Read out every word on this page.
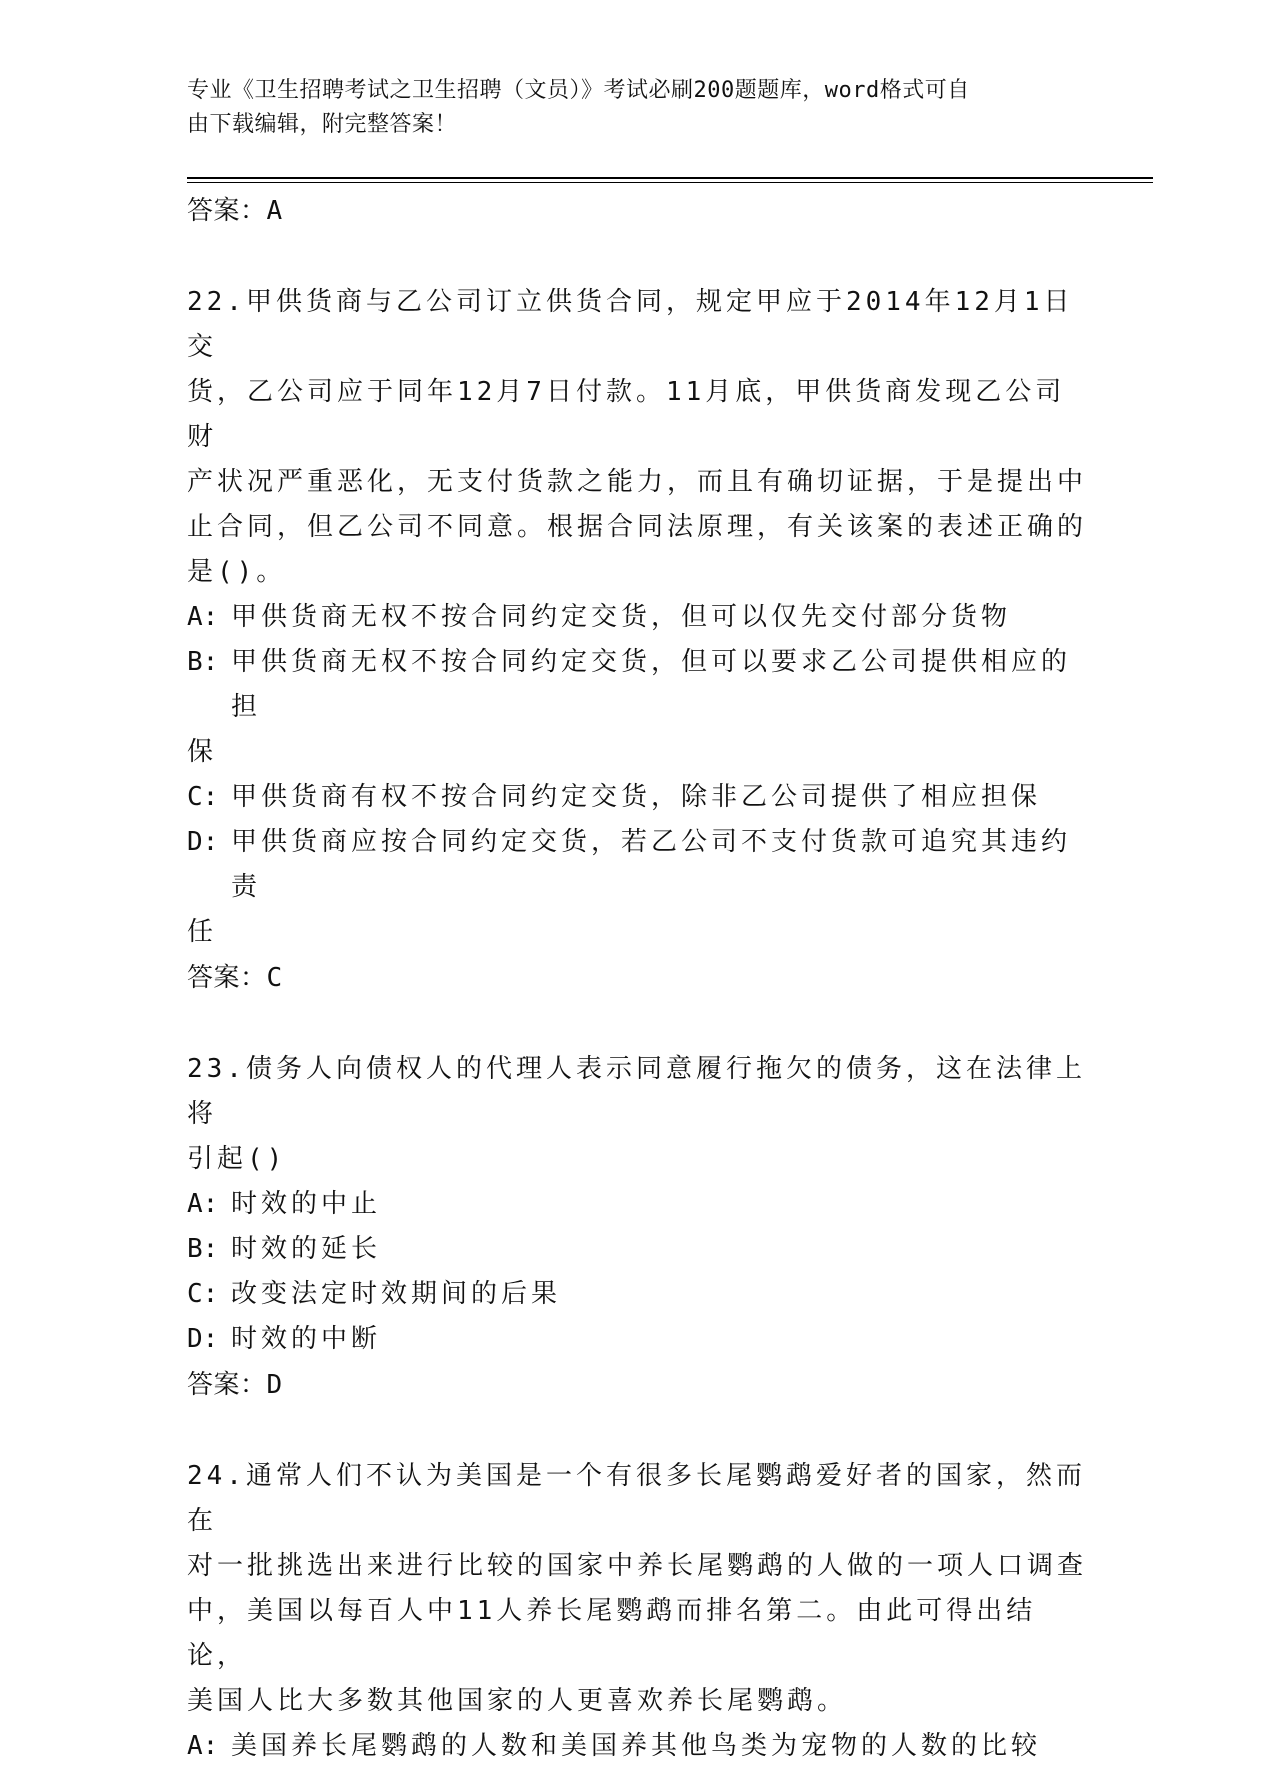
专业《卫生招聘考试之卫生招聘（文员）》考试必刷200题题库，word格式可自
由下载编辑，附完整答案！

答案：A

22.甲供货商与乙公司订立供货合同，规定甲应于2014年12月1日交

货，乙公司应于同年12月7日付款。11月底，甲供货商发现乙公司财

产状况严重恶化，无支付货款之能力，而且有确切证据，于是提出中

止合同，但乙公司不同意。根据合同法原理，有关该案的表述正确的

是()。

A: 甲供货商无权不按合同约定交货，但可以仅先交付部分货物

B: 甲供货商无权不按合同约定交货，但可以要求乙公司提供相应的担

保

C: 甲供货商有权不按合同约定交货，除非乙公司提供了相应担保

D: 甲供货商应按合同约定交货，若乙公司不支付货款可追究其违约责

任

答案：C

23.债务人向债权人的代理人表示同意履行拖欠的债务，这在法律上将

引起()

A: 时效的中止

B: 时效的延长

C: 改变法定时效期间的后果

D: 时效的中断

答案：D

24.通常人们不认为美国是一个有很多长尾鹦鹉爱好者的国家，然而在

对一批挑选出来进行比较的国家中养长尾鹦鹉的人做的一项人口调查

中，美国以每百人中11人养长尾鹦鹉而排名第二。由此可得出结论，

美国人比大多数其他国家的人更喜欢养长尾鹦鹉。

A: 美国养长尾鹦鹉的人数和美国养其他鸟类为宠物的人数的比较
